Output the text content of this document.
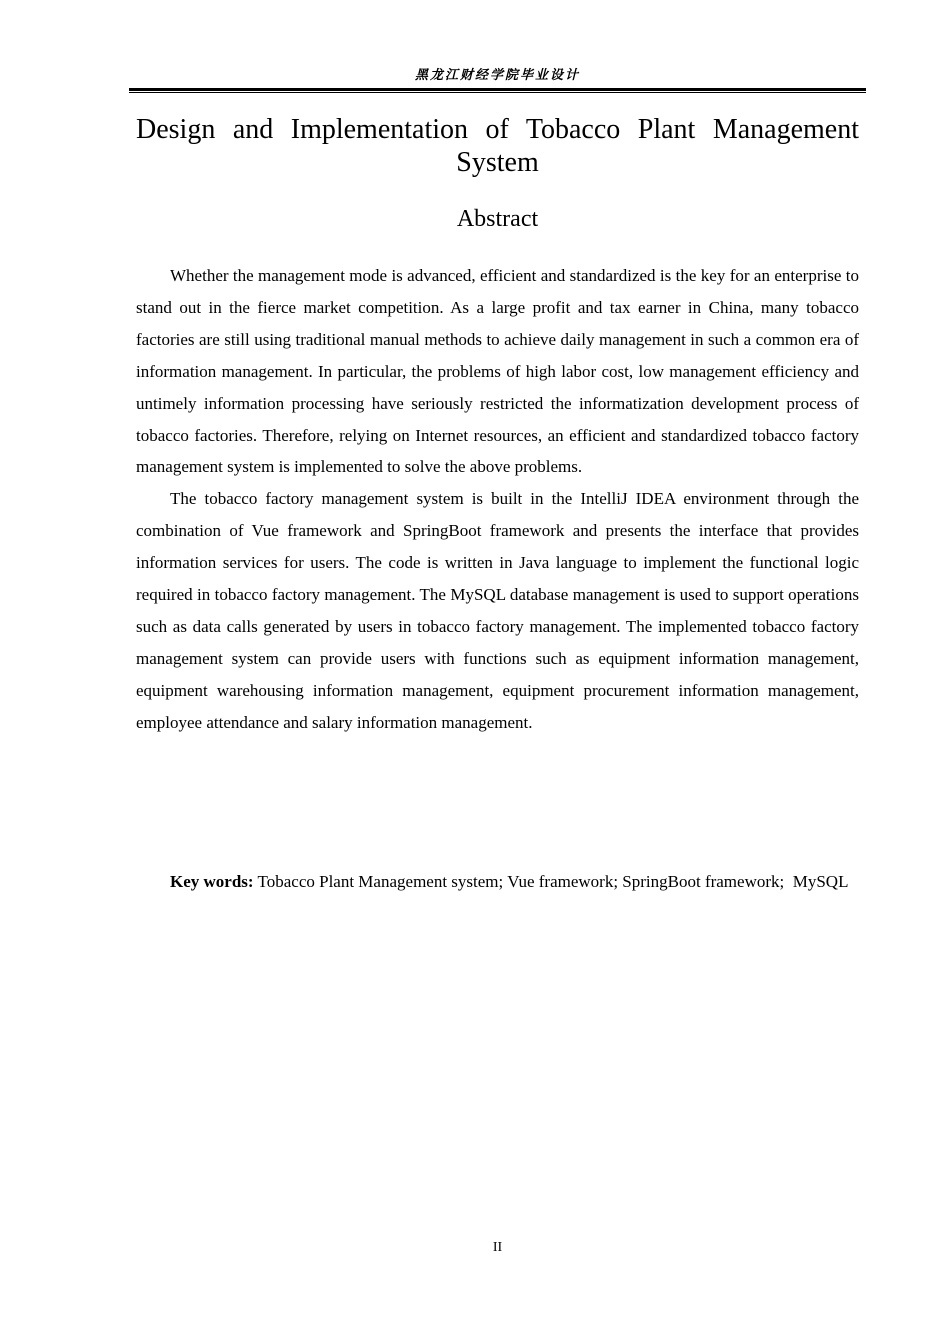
黑龙江财经学院毕业设计
Design and Implementation of Tobacco Plant Management System
Abstract

Whether the management mode is advanced, efficient and standardized is the key for an enterprise to stand out in the fierce market competition. As a large profit and tax earner in China, many tobacco factories are still using traditional manual methods to achieve daily management in such a common era of information management. In particular, the problems of high labor cost, low management efficiency and untimely information processing have seriously restricted the informatization development process of tobacco factories. Therefore, relying on Internet resources, an efficient and standardized tobacco factory management system is implemented to solve the above problems.

The tobacco factory management system is built in the IntelliJ IDEA environment through the combination of Vue framework and SpringBoot framework and presents the interface that provides information services for users. The code is written in Java language to implement the functional logic required in tobacco factory management. The MySQL database management is used to support operations such as data calls generated by users in tobacco factory management. The implemented tobacco factory management system can provide users with functions such as equipment information management, equipment warehousing information management, equipment procurement information management, employee attendance and salary information management.

Key words: Tobacco Plant Management system; Vue framework; SpringBoot framework;  MySQL

II
